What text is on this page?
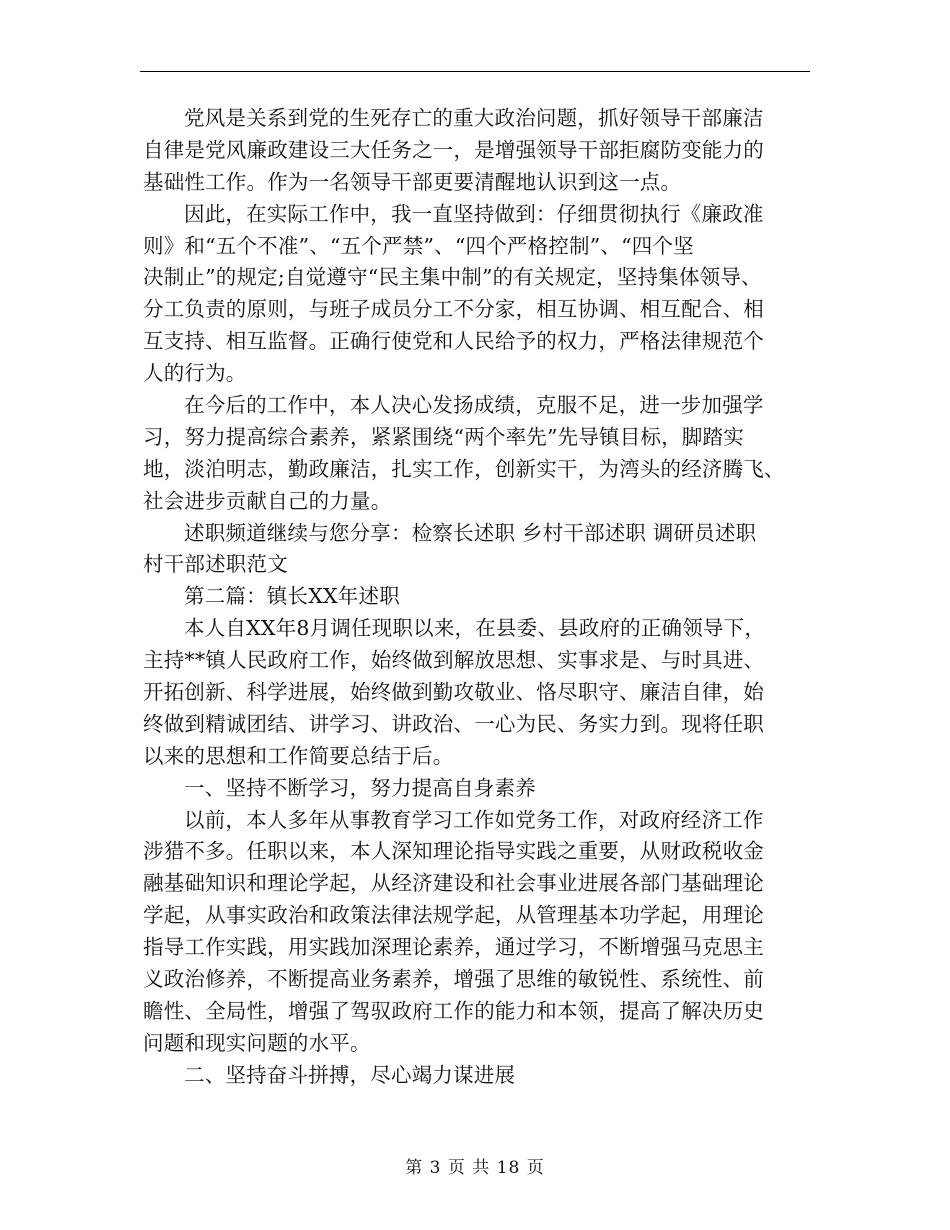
党风是关系到党的生死存亡的重大政治问题，抓好领导干部廉洁
自律是党风廉政建设三大任务之一，是增强领导干部拒腐防变能力的
基础性工作。作为一名领导干部更要清醒地认识到这一点。
因此，在实际工作中，我一直坚持做到：仔细贯彻执行《廉政准
则》和“五个不准”、“五个严禁”、“四个严格控制”、“四个坚
决制止”的规定;自觉遵守“民主集中制”的有关规定，坚持集体领导、
分工负责的原则，与班子成员分工不分家，相互协调、相互配合、相
互支持、相互监督。正确行使党和人民给予的权力，严格法律规范个
人的行为。
在今后的工作中，本人决心发扬成绩，克服不足，进一步加强学
习，努力提高综合素养，紧紧围绕“两个率先”先导镇目标，脚踏实
地，淡泊明志，勤政廉洁，扎实工作，创新实干，为湾头的经济腾飞、
社会进步贡献自己的力量。
述职频道继续与您分享：检察长述职 乡村干部述职 调研员述职
村干部述职范文
第二篇：镇长XX年述职
本人自XX年8月调任现职以来，在县委、县政府的正确领导下，
主持**镇人民政府工作，始终做到解放思想、实事求是、与时具进、
开拓创新、科学进展，始终做到勤攻敬业、恪尽职守、廉洁自律，始
终做到精诚团结、讲学习、讲政治、一心为民、务实力到。现将任职
以来的思想和工作简要总结于后。
一、坚持不断学习，努力提高自身素养
以前，本人多年从事教育学习工作如党务工作，对政府经济工作
涉猎不多。任职以来，本人深知理论指导实践之重要，从财政税收金
融基础知识和理论学起，从经济建设和社会事业进展各部门基础理论
学起，从事实政治和政策法律法规学起，从管理基本功学起，用理论
指导工作实践，用实践加深理论素养，通过学习，不断增强马克思主
义政治修养，不断提高业务素养，增强了思维的敏锐性、系统性、前
瞻性、全局性，增强了驾驭政府工作的能力和本领，提高了解决历史
问题和现实问题的水平。
二、坚持奋斗拼搏，尽心竭力谋进展
第 3 页 共 18 页
